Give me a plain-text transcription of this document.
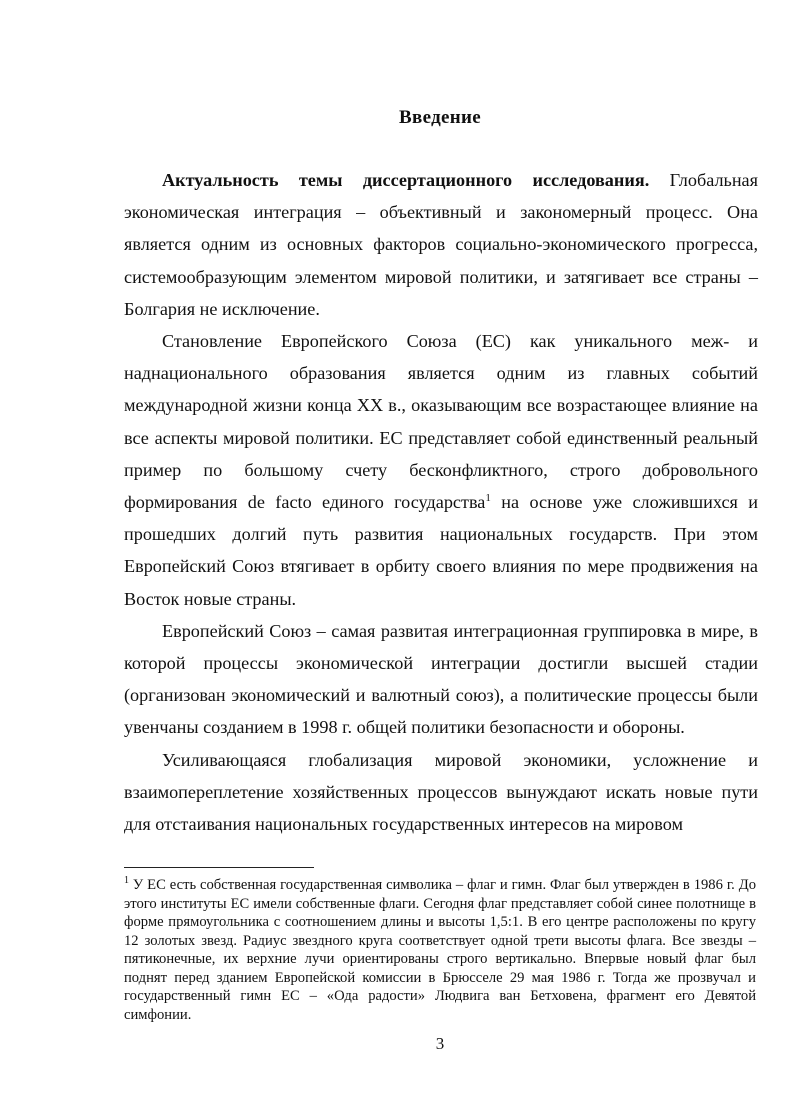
Введение

Актуальность темы диссертационного исследования. Глобальная экономическая интеграция – объективный и закономерный процесс. Она является одним из основных факторов социально-экономического прогресса, системообразующим элементом мировой политики, и затягивает все страны – Болгария не исключение.

Становление Европейского Союза (ЕС) как уникального меж- и наднационального образования является одним из главных событий международной жизни конца XX в., оказывающим все возрастающее влияние на все аспекты мировой политики. ЕС представляет собой единственный реальный пример по большому счету бесконфликтного, строго добровольного формирования de facto единого государства$^1$ на основе уже сложившихся и прошедших долгий путь развития национальных государств. При этом Европейский Союз втягивает в орбиту своего влияния по мере продвижения на Восток новые страны.

Европейский Союз – самая развитая интеграционная группировка в мире, в которой процессы экономической интеграции достигли высшей стадии (организован экономический и валютный союз), а политические процессы были увенчаны созданием в 1998 г. общей политики безопасности и обороны.

Усиливающаяся глобализация мировой экономики, усложнение и взаимопереплетение хозяйственных процессов вынуждают искать новые пути для отстаивания национальных государственных интересов на мировом

$^1$ У ЕС есть собственная государственная символика – флаг и гимн. Флаг был утвержден в 1986 г. До этого институты ЕС имели собственные флаги. Сегодня флаг представляет собой синее полотнище в форме прямоугольника с соотношением длины и высоты 1,5:1. В его центре расположены по кругу 12 золотых звезд. Радиус звездного круга соответствует одной трети высоты флага. Все звезды – пятиконечные, их верхние лучи ориентированы строго вертикально. Впервые новый флаг был поднят перед зданием Европейской комиссии в Брюсселе 29 мая 1986 г. Тогда же прозвучал и государственный гимн ЕС – «Ода радости» Людвига ван Бетховена, фрагмент его Девятой симфонии.
3
